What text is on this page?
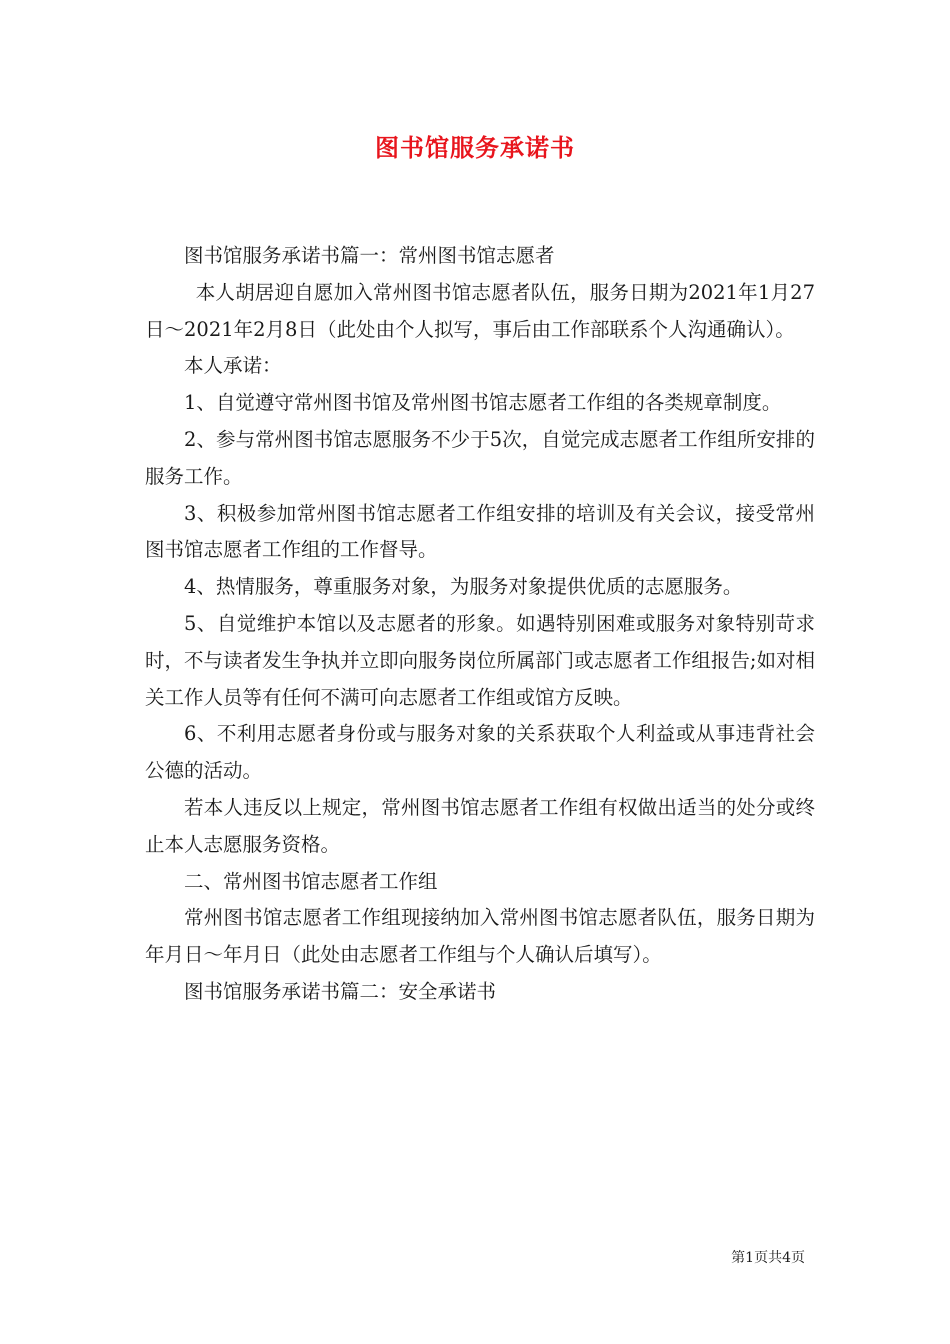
图书馆服务承诺书

图书馆服务承诺书篇一：常州图书馆志愿者

本人胡居迎自愿加入常州图书馆志愿者队伍，服务日期为2021年1月27日～2021年2月8日（此处由个人拟写，事后由工作部联系个人沟通确认）。

本人承诺：

1、自觉遵守常州图书馆及常州图书馆志愿者工作组的各类规章制度。

2、参与常州图书馆志愿服务不少于5次，自觉完成志愿者工作组所安排的服务工作。

3、积极参加常州图书馆志愿者工作组安排的培训及有关会议，接受常州图书馆志愿者工作组的工作督导。

4、热情服务，尊重服务对象，为服务对象提供优质的志愿服务。

5、自觉维护本馆以及志愿者的形象。如遇特别困难或服务对象特别苛求时，不与读者发生争执并立即向服务岗位所属部门或志愿者工作组报告;如对相关工作人员等有任何不满可向志愿者工作组或馆方反映。

6、不利用志愿者身份或与服务对象的关系获取个人利益或从事违背社会公德的活动。

若本人违反以上规定，常州图书馆志愿者工作组有权做出适当的处分或终止本人志愿服务资格。

二、常州图书馆志愿者工作组

常州图书馆志愿者工作组现接纳加入常州图书馆志愿者队伍，服务日期为年月日～年月日（此处由志愿者工作组与个人确认后填写）。

图书馆服务承诺书篇二：安全承诺书

第1页共4页
